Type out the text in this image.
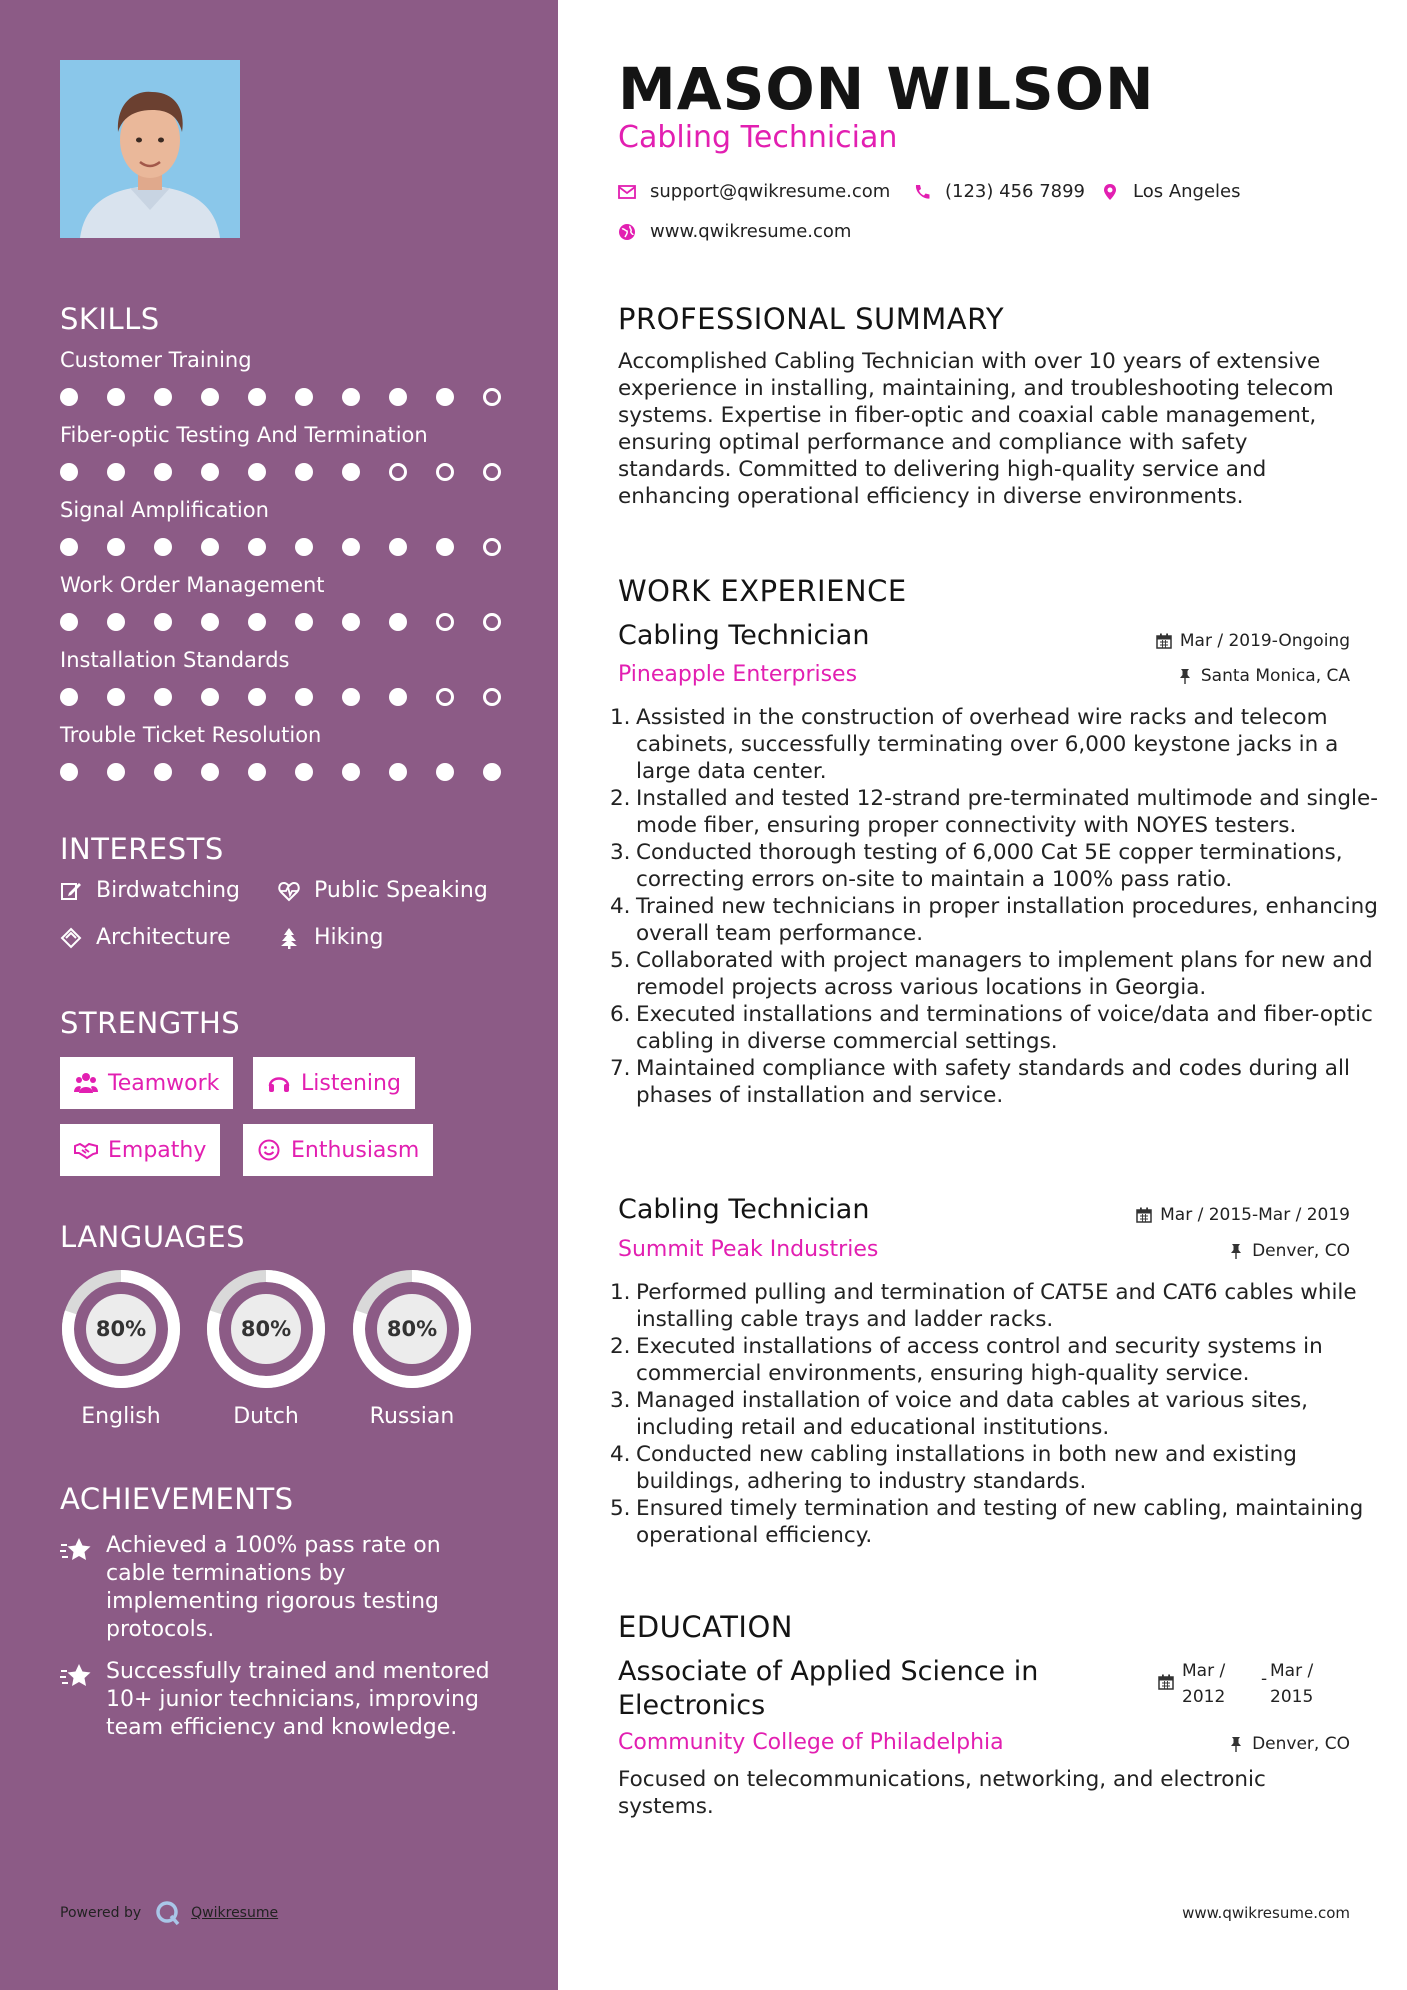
SKILLS
Customer Training
Fiber-optic Testing And Termination
Signal Amplification
Work Order Management
Installation Standards
Trouble Ticket Resolution
INTERESTS
Birdwatching	Public Speaking
Architecture	Hiking
STRENGTHS
Teamwork	Listening
Empathy	Enthusiasm
LANGUAGES
80%
English
80%
Dutch
80%
Russian
ACHIEVEMENTS
Achieved a 100% pass rate on cable terminations by implementing rigorous testing protocols.
Successfully trained and mentored 10+ junior technicians, improving team efficiency and knowledge.
Powered by	Qwikresume
MASON WILSON
Cabling Technician
support@qwikresume.com	(123) 456 7899	Los Angeles
www.qwikresume.com
PROFESSIONAL SUMMARY
Accomplished Cabling Technician with over 10 years of extensive experience in installing, maintaining, and troubleshooting telecom systems. Expertise in fiber-optic and coaxial cable management, ensuring optimal performance and compliance with safety standards. Committed to delivering high-quality service and enhancing operational efficiency in diverse environments.
WORK EXPERIENCE
Cabling Technician	Mar / 2019-Ongoing
Pineapple Enterprises	Santa Monica, CA
1. Assisted in the construction of overhead wire racks and telecom cabinets, successfully terminating over 6,000 keystone jacks in a large data center.
2. Installed and tested 12-strand pre-terminated multimode and single-mode fiber, ensuring proper connectivity with NOYES testers.
3. Conducted thorough testing of 6,000 Cat 5E copper terminations, correcting errors on-site to maintain a 100% pass ratio.
4. Trained new technicians in proper installation procedures, enhancing overall team performance.
5. Collaborated with project managers to implement plans for new and remodel projects across various locations in Georgia.
6. Executed installations and terminations of voice/data and fiber-optic cabling in diverse commercial settings.
7. Maintained compliance with safety standards and codes during all phases of installation and service.
Cabling Technician	Mar / 2015-Mar / 2019
Summit Peak Industries	Denver, CO
1. Performed pulling and termination of CAT5E and CAT6 cables while installing cable trays and ladder racks.
2. Executed installations of access control and security systems in commercial environments, ensuring high-quality service.
3. Managed installation of voice and data cables at various sites, including retail and educational institutions.
4. Conducted new cabling installations in both new and existing buildings, adhering to industry standards.
5. Ensured timely termination and testing of new cabling, maintaining operational efficiency.
EDUCATION
Associate of Applied Science in
Electronics
Mar /
2012
- Mar /
2015
Community College of Philadelphia	Denver, CO
Focused on telecommunications, networking, and electronic systems.
www.qwikresume.com
